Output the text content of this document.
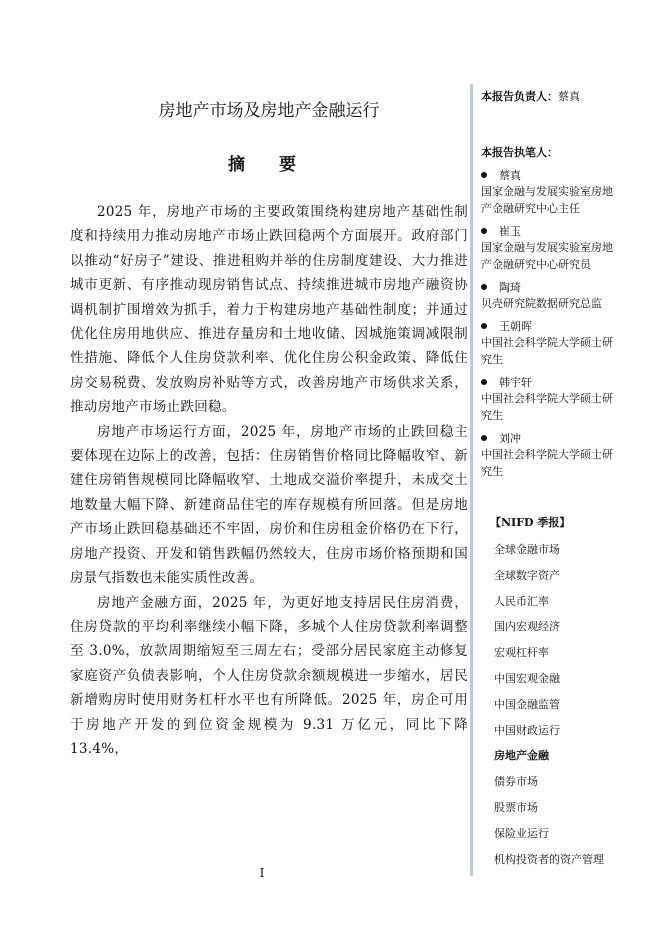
房地产市场及房地产金融运行
摘 要

2025 年，房地产市场的主要政策围绕构建房地产基础性制度和持续用力推动房地产市场止跌回稳两个方面展开。政府部门以推动“好房子”建设、推进租购并举的住房制度建设、大力推进城市更新、有序推动现房销售试点、持续推进城市房地产融资协调机制扩围增效为抓手，着力于构建房地产基础性制度；并通过优化住房用地供应、推进存量房和土地收储、因城施策调减限制性措施、降低个人住房贷款利率、优化住房公积金政策、降低住房交易税费、发放购房补贴等方式，改善房地产市场供求关系，推动房地产市场止跌回稳。

房地产市场运行方面，2025 年，房地产市场的止跌回稳主要体现在边际上的改善，包括：住房销售价格同比降幅收窄、新建住房销售规模同比降幅收窄、土地成交溢价率提升，未成交土地数量大幅下降、新建商品住宅的库存规模有所回落。但是房地产市场止跌回稳基础还不牢固，房价和住房租金价格仍在下行，房地产投资、开发和销售跌幅仍然较大，住房市场价格预期和国房景气指数也未能实质性改善。

房地产金融方面，2025 年，为更好地支持居民住房消费，住房贷款的平均利率继续小幅下降，多城个人住房贷款利率调整至 3.0%，放款周期缩短至三周左右；受部分居民家庭主动修复家庭资产负债表影响，个人住房贷款余额规模进一步缩水，居民新增购房时使用财务杠杆水平也有所降低。2025 年，房企可用于房地产开发的到位资金规模为 9.31 万亿元，同比下降 13.4%，

I
本报告负责人：蔡真
本报告执笔人：
蔡真
国家金融与发展实验室房地产金融研究中心主任
崔玉
国家金融与发展实验室房地产金融研究中心研究员
陶琦
贝壳研究院数据研究总监
王朝晖
中国社会科学院大学硕士研究生
韩宇轩
中国社会科学院大学硕士研究生
刘冲
中国社会科学院大学硕士研究生
【NIFD 季报】
全球金融市场
全球数字资产
人民币汇率
国内宏观经济
宏观杠杆率
中国宏观金融
中国金融监管
中国财政运行
房地产金融
债券市场
股票市场
保险业运行
机构投资者的资产管理
